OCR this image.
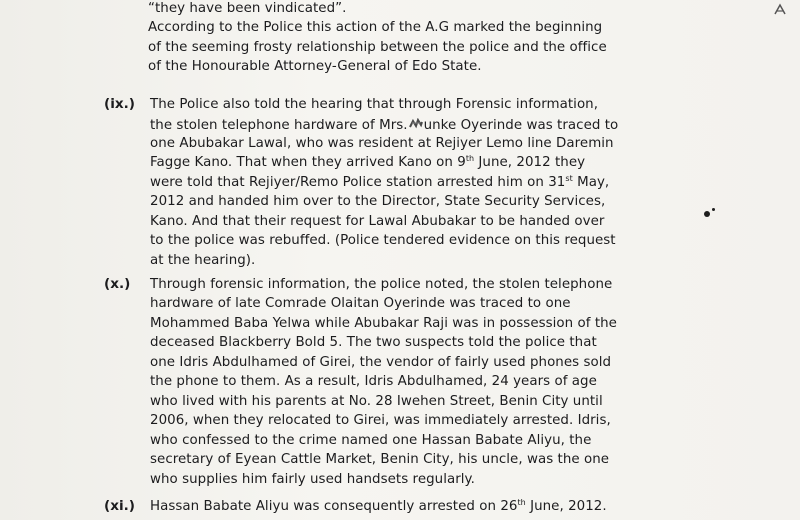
“they have been vindicated”.
According to the Police this action of the A.G marked the beginning
of the seeming frosty relationship between the police and the office
of the Honourable Attorney-General of Edo State.
(ix.) The Police also told the hearing that through Forensic information,
the stolen telephone hardware of Mrs. unke Oyerinde was traced to
one Abubakar Lawal, who was resident at Rejiyer Lemo line Daremin
Fagge Kano. That when they arrived Kano on 9th June, 2012 they
were told that Rejiyer/Remo Police station arrested him on 31st May,
2012 and handed him over to the Director, State Security Services,
Kano. And that their request for Lawal Abubakar to be handed over
to the police was rebuffed. (Police tendered evidence on this request
at the hearing).
(x.) Through forensic information, the police noted, the stolen telephone
hardware of late Comrade Olaitan Oyerinde was traced to one
Mohammed Baba Yelwa while Abubakar Raji was in possession of the
deceased Blackberry Bold 5. The two suspects told the police that
one Idris Abdulhamed of Girei, the vendor of fairly used phones sold
the phone to them. As a result, Idris Abdulhamed, 24 years of age
who lived with his parents at No. 28 Iwehen Street, Benin City until
2006, when they relocated to Girei, was immediately arrested. Idris,
who confessed to the crime named one Hassan Babate Aliyu, the
secretary of Eyean Cattle Market, Benin City, his uncle, was the one
who supplies him fairly used handsets regularly.
(xi.) Hassan Babate Aliyu was consequently arrested on 26th June, 2012.
